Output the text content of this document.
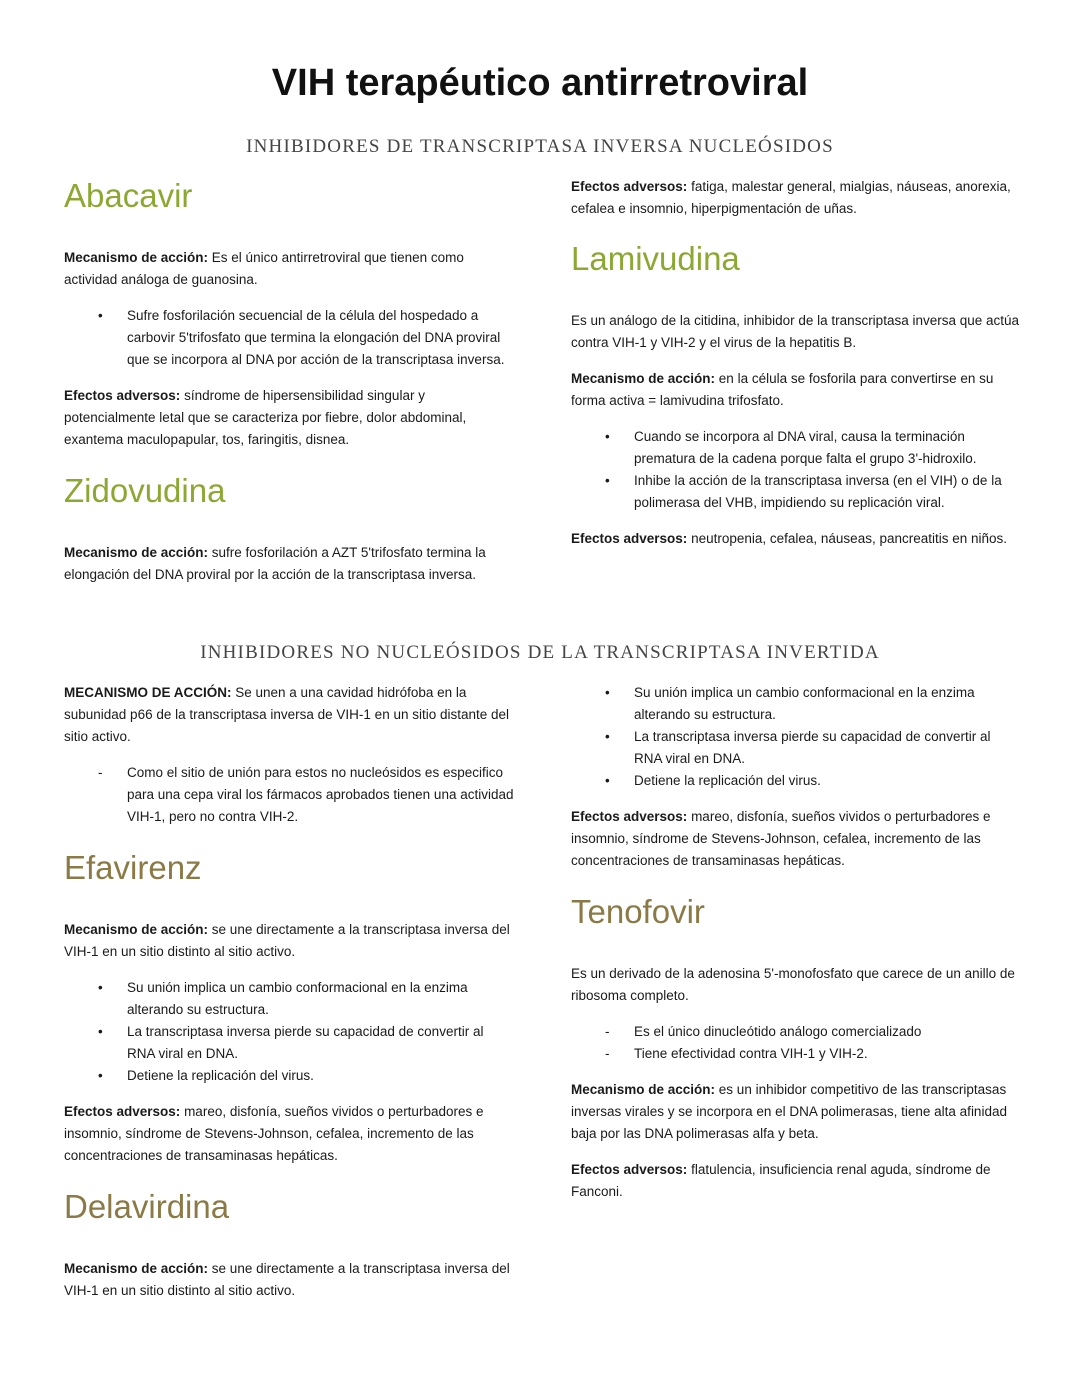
VIH terapéutico antirretroviral
INHIBIDORES DE TRANSCRIPTASA INVERSA NUCLEÓSIDOS
INHIBIDORES NO NUCLEÓSIDOS DE LA TRANSCRIPTASA INVERTIDA
Abacavir

Mecanismo de acción: Es el único antirretroviral que tienen como actividad análoga de guanosina.

• Sufre fosforilación secuencial de la célula del hospedado a carbovir 5'trifosfato que termina la elongación del DNA proviral que se incorpora al DNA por acción de la transcriptasa inversa.

Efectos adversos: síndrome de hipersensibilidad singular y potencialmente letal que se caracteriza por fiebre, dolor abdominal, exantema maculopapular, tos, faringitis, disnea.

Zidovudina

Mecanismo de acción: sufre fosforilación a AZT 5'trifosfato termina la elongación del DNA proviral por la acción de la transcriptasa inversa.

Efectos adversos: fatiga, malestar general, mialgias, náuseas, anorexia, cefalea e insomnio, hiperpigmentación de uñas.

Lamivudina

Es un análogo de la citidina, inhibidor de la transcriptasa inversa que actúa contra VIH-1 y VIH-2 y el virus de la hepatitis B.

Mecanismo de acción: en la célula se fosforila para convertirse en su forma activa = lamivudina trifosfato.

• Cuando se incorpora al DNA viral, causa la terminación prematura de la cadena porque falta el grupo 3'-hidroxilo.
• Inhibe la acción de la transcriptasa inversa (en el VIH) o de la polimerasa del VHB, impidiendo su replicación viral.

Efectos adversos: neutropenia, cefalea, náuseas, pancreatitis en niños.

MECANISMO DE ACCIÓN: Se unen a una cavidad hidrófoba en la subunidad p66 de la transcriptasa inversa de VIH-1 en un sitio distante del sitio activo.

- Como el sitio de unión para estos no nucleósidos es especifico para una cepa viral los fármacos aprobados tienen una actividad VIH-1, pero no contra VIH-2.
Efavirenz

Mecanismo de acción: se une directamente a la transcriptasa inversa del VIH-1 en un sitio distinto al sitio activo.

• Su unión implica un cambio conformacional en la enzima alterando su estructura.
• La transcriptasa inversa pierde su capacidad de convertir al RNA viral en DNA.
• Detiene la replicación del virus.

Efectos adversos: mareo, disfonía, sueños vividos o perturbadores e insomnio, síndrome de Stevens-Johnson, cefalea, incremento de las concentraciones de transaminasas hepáticas.

Delavirdina

Mecanismo de acción: se une directamente a la transcriptasa inversa del VIH-1 en un sitio distinto al sitio activo.

• Su unión implica un cambio conformacional en la enzima alterando su estructura.
• La transcriptasa inversa pierde su capacidad de convertir al RNA viral en DNA.
• Detiene la replicación del virus.

Efectos adversos: mareo, disfonía, sueños vividos o perturbadores e insomnio, síndrome de Stevens-Johnson, cefalea, incremento de las concentraciones de transaminasas hepáticas.

Tenofovir

Es un derivado de la adenosina 5'-monofosfato que carece de un anillo de ribosoma completo.

- Es el único dinucleótido análogo comercializado
- Tiene efectividad contra VIH-1 y VIH-2.

Mecanismo de acción: es un inhibidor competitivo de las transcriptasas inversas virales y se incorpora en el DNA polimerasas, tiene alta afinidad baja por las DNA polimerasas alfa y beta.

Efectos adversos: flatulencia, insuficiencia renal aguda, síndrome de Fanconi.
